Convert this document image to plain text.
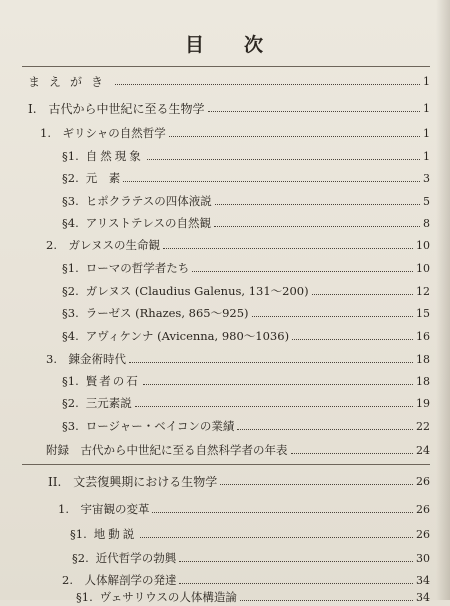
目 次
まえがき	1
I.　古代から中世紀に至る生物学	1
1.　ギリシャの自然哲学	1
§1. 自然現象	1
§2. 元　素	3
§3. ヒポクラテスの四体液説	5
§4. アリストテレスの自然観	8
2.　ガレヌスの生命観	10
§1. ローマの哲学者たち	10
§2. ガレヌス (Claudius Galenus, 131～200)	12
§3. ラーゼス (Rhazes, 865～925)	15
§4. アヴィケンナ (Avicenna, 980～1036)	16
3.　錬金術時代	18
§1. 賢者の石	18
§2. 三元素説	19
§3. ロージャー・ベイコンの業績	22
附録　古代から中世紀に至る自然科学者の年表	24
II.　文芸復興期における生物学	26
1.　宇宙観の変革	26
§1. 地動説	26
§2. 近代哲学の勃興	30
2.　人体解剖学の発達	34
§1. ヴェサリウスの人体構造論	34
